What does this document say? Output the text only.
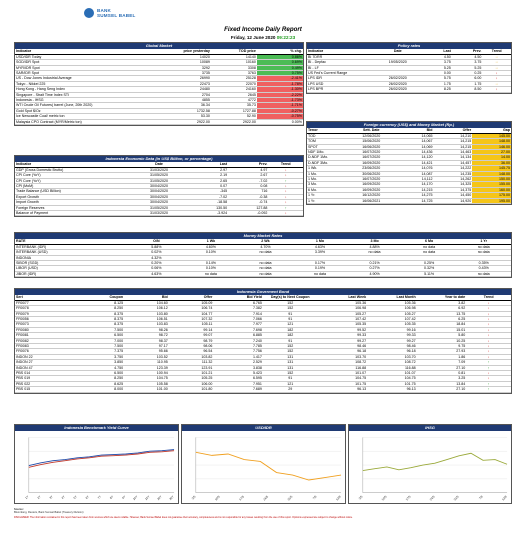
BANK
SUMSEL BABEL
Fixed Income Daily Report
Friday, 12 June 2020 09:22:23
Global Market
Indicator	price yesterday	TOD price	% chg.
USD/IDR Today	14020	14140	0.86%
SGD/IDR Spot	10089	10160	0.69%
MYR/IDR Spot	3292	3308	0.49%
SAR/IDR Spot	3735	3763	0.75%
US - Dow Jones Industrial Average	26990	25128	-2.41%
Tokyo - Nikkei 225	22473	22070	-1.78%
Hong Kong - Hang Seng Index	24480	24160	-1.30%
Singapore - Strait Time Index STI	2704	2645	-2.22%
Indonesia - IHSG	4855	4772	-1.73%
WTI Crude Oil Futures( barrel (June, 20th 2020)	36.34	35.73	-1.71%
Gold Spot $/Oz	1732.58	1727.88	-0.27%
Ice Newcastle Coal/ metric ton	53.30	52.90	-0.75%
Malaysia CPO Contract (MYR/Metric ton)	2922.00	2922.00	0.00%
Policy rates
Indicator	Date	Last	Prev.	Trend
BI 7DRR		4.50	4.50	⇔
BI - Depfac	19/05/2020	3.75	3.75	⇔
BI - LF		5.25	5.25	⇔
US Fed's Current Range		0.00	0.25	↓
LPS IDR	26/02/2020	5.75	6.00	↓
LPS USD	26/02/2020	1.75	1.75	⇔
LPS BPR	26/02/2020	8.25	8.50	↓
Foreign currency (US$) and Money Market (Rp.)
Tenor	Sett. Date	Bid	Offer	Gap
TOD	12/06/2020	14,065	14,210	145.00
TOM	15/06/2020	14,067	14,215	148.00
SPOT	16/06/2020	14,069	14,215	146.00
NDF 1Mo.	16/07/2020	14,436	14,463	27.00
D-NDF 1Mo.	16/07/2020	14,120	14,134	14.00
D-NDF 3Mo.	16/09/2020	14,421	14,457	36.00
1 Wk.	23/06/2020	14,076	14,222	145.75
1 Mo.	30/06/2020	14,087	14,235	148.00
1 Mo.	16/07/2020	14,112	14,262	150.00
3 Mo.	16/09/2020	14,170	14,325	155.00
6 Mo.	16/09/2020	14,215	14,375	160.00
1 Yr.	16/12/2020	14,275	14,450	175.00
1 Yr.	16/06/2021	14,725	14,920	195.00
Indonesia Economic Data (in US$ Billion, or percentage)
Indicator	Date	Last	Prev.	Trend
GDP (Gross Domestic Brutto)	31/03/2020	2.97	4.97	↓
CPI Core (YoY)	31/05/2020	2.19	2.67	↓
CPI Core (YoY)	31/05/2020	2.65	-7.02	↑
CPI (MoM)	30/04/2020	0.07	0.08	↓
Trade Balance (USD Billion)	30/04/2020	-345	716	↓
Export Growth	30/04/2020	-7.02	-0.38	↓
Import Growth	30/04/2020	-18.58	-0.74	↓
Foreign Reserves	31/05/2020	130.50	127.88	↑
Balance of Payment	31/03/2020	-3.924	-0.092	↓
Money Market Rates
RATE	O/N	1 Wk	2 Wk	1 Mo	3 Mo	6 Mo	1 Yr
INTERBANK (IDR)	5.88%	4.60%	4.70%	4.63%	4.88%	no data	no data
INTERBANK (USD)	0.02%	0.10%	no data	3.39%	no data	no data	no data
INDONIA	4.32%						
SIBOR (SGD)	0.20%	0.14%	no data	0.17%	0.21%	0.25%	0.35%
LIBOR (USD)	0.06%	0.10%	no data	0.19%	0.27%	0.32%	0.43%
JIBOR (IDR)	4.63%	no data	no data	no data	4.90%	5.11%	no data
Indonesia Goverment Bond
Seri	Coupon	Bid	Offer	Bid Yield	Day(s) to Next Coupon	Last Week	Last Month	Year to date	Trend
FR0077	8.125	104.60	105.09	6.765	152	105.36	105.36	3.82	↓
FR0078	8.250	106.12	106.74	7.382	152	106.98	106.98	6.92	↓
FR0079	8.375	103.80	104.77	7.914	91	105.27	105.27	13.75	↓
FR0056	8.375	106.51	107.32	7.066	91	107.42	107.42	6.25	↓
FR0073	8.375	103.83	105.11	7.977	121	105.35	105.35	18.84	↓
FR0080	7.500	98.26	99.14	7.698	182	99.52	99.16	15.01	↓
FR0081	6.500	98.72	99.07	6.885	182	99.33	99.33	5.80	↓
FR0082	7.000	98.37	98.79	7.240	91	99.27	99.27	10.25	↓
FR0083	7.500	97.17	98.06	7.785	152	98.46	98.46	9.75	↓
FR0076	7.375	95.66	96.54	7.756	152	96.18	96.18	27.93	↓
INDON 22	3.750	103.52	103.82	1.417	131	103.70	103.70	1.86	↓
INDON 27	3.850	110.95	111.32	2.529	131	108.72	108.72	7.09	↑
INDON 47	4.750	123.39	123.91	3.838	131	116.88	116.88	27.10	↑
PBS 014	6.500	100.94	101.21	5.423	152	101.07	101.07	0.81	↓
PBS 019	8.250	104.75	105.25	6.595	91	104.75	104.75	3.25	↓
PBS 022	8.625	105.58	106.00	7.951	121	101.75	101.75	13.84	↑
PBS 015	8.000	101.00	101.80	7.689	29	96.13	96.13	27.10	↑
Indonesia Benchmark Yield Curve
1Y 2Y 3Y 4Y 5Y 6Y 7Y 8Y 9Y 10Y 15Y 20Y 30Y
USD/IDR
3/5	10/5	17/5	24/5	31/5	7/6	12/6
IHSG
3/5	10/5	17/5	24/5	31/5	7/6	12/6
Source:
Bloomberg, Reuters, Bank Sumsel Babel (Treasury Division)
DISCLAIMER: The information contained in this report has been taken from sources which we deem reliable. However, Bank Sumsel Babel does not guarantee their accuracy, completeness and is not responsible for any losses resulting from the use of this report. Opinions expressed are subject to change without notice.
